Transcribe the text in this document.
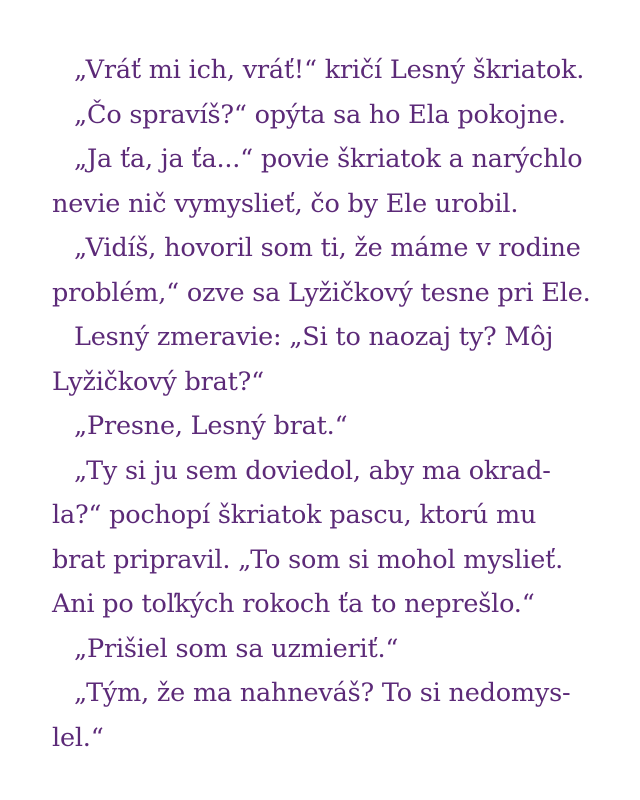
„Vráť mi ich, vráť!“ kričí Lesný škriatok.
„Čo spravíš?“ opýta sa ho Ela pokojne.
„Ja ťa, ja ťa...“ povie škriatok a narýchlo
nevie nič vymyslieť, čo by Ele urobil.
„Vidíš, hovoril som ti, že máme v rodine
problém,“ ozve sa Lyžičkový tesne pri Ele.
Lesný zmeravie: „Si to naozaj ty? Môj
Lyžičkový brat?“
„Presne, Lesný brat.“
„Ty si ju sem doviedol, aby ma okrad-
la?“ pochopí škriatok pascu, ktorú mu
brat pripravil. „To som si mohol myslieť.
Ani po toľkých rokoch ťa to neprešlo.“
„Prišiel som sa uzmieriť.“
„Tým, že ma nahneváš? To si nedomys-
lel.“
